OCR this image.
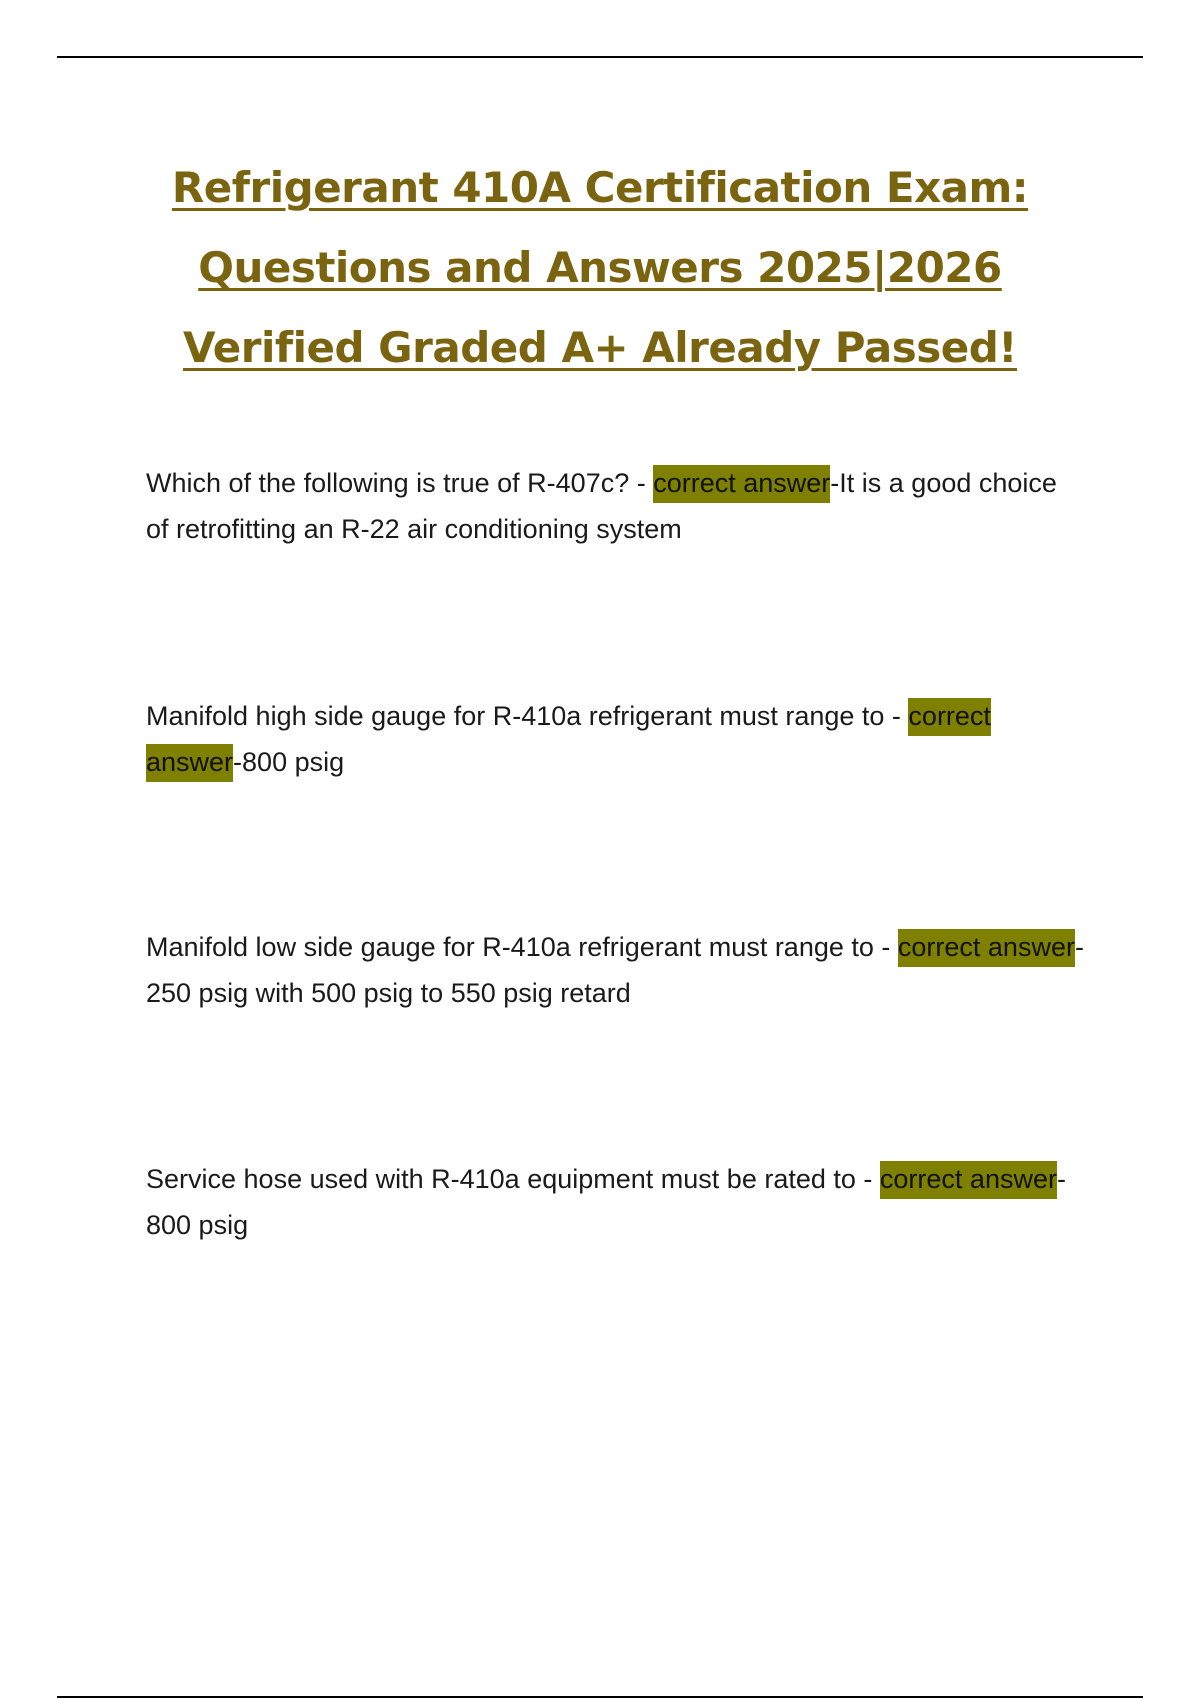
Refrigerant 410A Certification Exam:
Questions and Answers 2025|2026
Verified Graded A+ Already Passed!
Which of the following is true of R-407c? - correct answer-It is a good choice of retrofitting an R-22 air conditioning system
Manifold high side gauge for R-410a refrigerant must range to - correct answer-800 psig
Manifold low side gauge for R-410a refrigerant must range to - correct answer-250 psig with 500 psig to 550 psig retard
Service hose used with R-410a equipment must be rated to - correct answer-800 psig
